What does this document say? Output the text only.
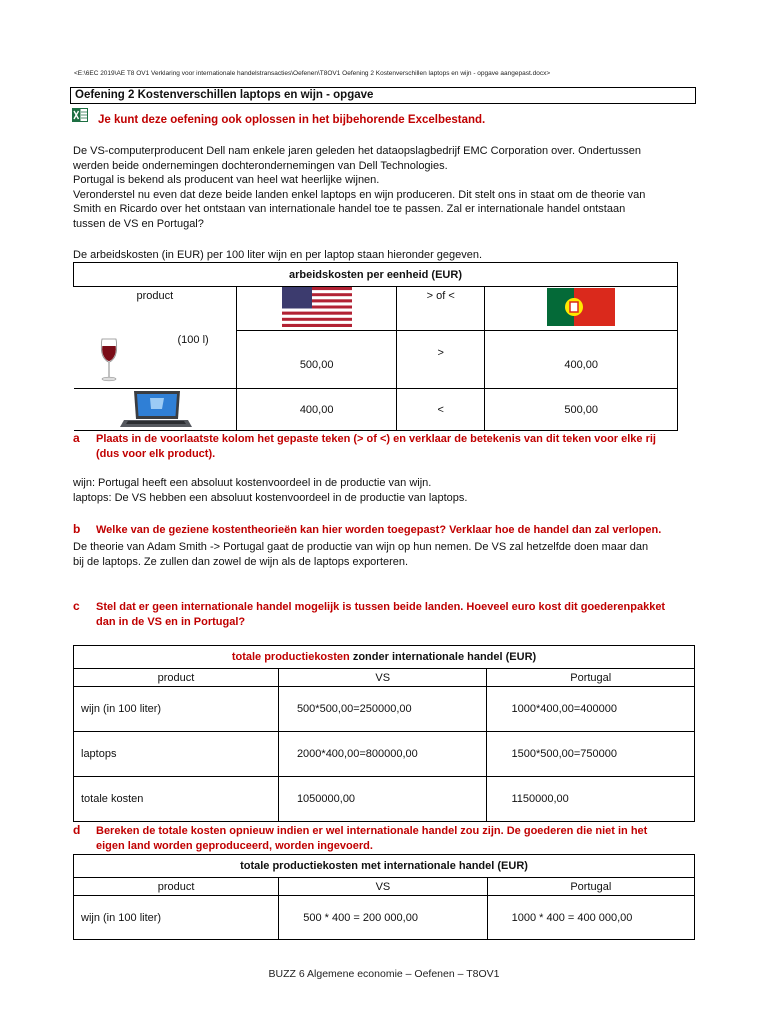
<E:\6EC 2019\AE T8 OV1 Verklaring voor internationale handelstransacties\Oefenen\T8OV1 Oefening 2 Kostenverschillen laptops en wijn - opgave aangepast.docx>
Oefening 2 Kostenverschillen laptops en wijn - opgave
Je kunt deze oefening ook oplossen in het bijbehorende Excelbestand.
De VS-computerproducent Dell nam enkele jaren geleden het dataopslagbedrijf EMC Corporation over. Ondertussen
werden beide ondernemingen dochterondernemingen van Dell Technologies.
Portugal is bekend als producent van heel wat heerlijke wijnen.
Veronderstel nu even dat deze beide landen enkel laptops en wijn produceren. Dit stelt ons in staat om de theorie van
Smith en Ricardo over het ontstaan van internationale handel toe te passen. Zal er internationale handel ontstaan
tussen de VS en Portugal?
De arbeidskosten (in EUR) per 100 liter wijn en per laptop staan hieronder gegeven.
arbeidskosten per eenheid (EUR)			
product		> of <	

(100 l)	500,00	>	400,00

	400,00	<	500,00
a Plaats in de voorlaatste kolom het gepaste teken (> of <) en verklaar de betekenis van dit teken voor elke rij
(dus voor elk product).
wijn: Portugal heeft een absoluut kostenvoordeel in de productie van wijn.
laptops: De VS hebben een absoluut kostenvoordeel in de productie van laptops.
b Welke van de geziene kostentheorieën kan hier worden toegepast? Verklaar hoe de handel dan zal verlopen.
De theorie van Adam Smith -> Portugal gaat de productie van wijn op hun nemen. De VS zal hetzelfde doen maar dan
bij de laptops. Ze zullen dan zowel de wijn als de laptops exporteren.
c Stel dat er geen internationale handel mogelijk is tussen beide landen. Hoeveel euro kost dit goederenpakket
dan in de VS en in Portugal?
totale productiekosten zonder internationale handel (EUR)		
product	VS	Portugal
wijn (in 100 liter)	500*500,00=250000,00	1000*400,00=400000
laptops	2000*400,00=800000,00	1500*500,00=750000
totale kosten	1050000,00	1150000,00
d Bereken de totale kosten opnieuw indien er wel internationale handel zou zijn. De goederen die niet in het
eigen land worden geproduceerd, worden ingevoerd.
totale productiekosten met internationale handel (EUR)		
product	VS	Portugal
wijn (in 100 liter)	500 * 400 = 200 000,00	1000 * 400 = 400 000,00
BUZZ 6 Algemene economie – Oefenen – T8OV1
